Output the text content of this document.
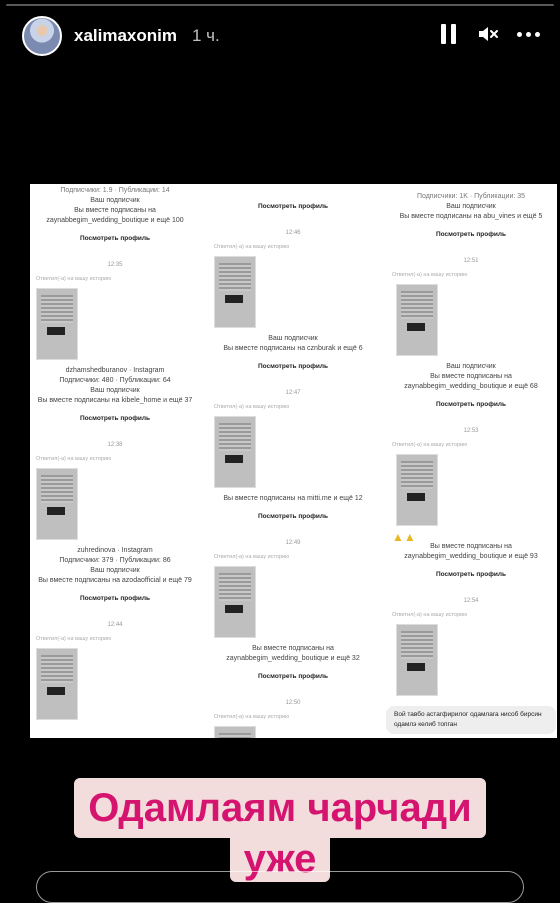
xalimaxonim 1 ч.
Подписчики: 1.9 · Публикации: 14
Ваш подписчик
Вы вместе подписаны на zaynabbegim_wedding_boutique и ещё 100
Посмотреть профиль
12:35
Ответил(-а) на вашу историю
dzhamshedburanov · Instagram
Подписчики: 480 · Публикации: 64
Ваш подписчик
Вы вместе подписаны на kibele_home и ещё 37
Посмотреть профиль
12:38
Ответил(-а) на вашу историю
zuhredinova · Instagram
Подписчики: 379 · Публикации: 86
Ваш подписчик
Вы вместе подписаны на azodaofficial и ещё 79
Посмотреть профиль
12:44
Ответил(-а) на вашу историю
Посмотреть профиль
12:46
Ответил(-а) на вашу историю
Ваш подписчик
Вы вместе подписаны на cznburak и ещё 6
Посмотреть профиль
12:47
Ответил(-а) на вашу историю
Вы вместе подписаны на mitti.me и ещё 12
Посмотреть профиль
12:49
Ответил(-а) на вашу историю
Вы вместе подписаны на zaynabbegim_wedding_boutique и ещё 32
Посмотреть профиль
12:50
Ответил(-а) на вашу историю
Подписчики: 1K · Публикации: 35
Ваш подписчик
Вы вместе подписаны на abu_vines и ещё 5
Посмотреть профиль
12:51
Ответил(-а) на вашу историю
Ваш подписчик
Вы вместе подписаны на zaynabbegim_wedding_boutique и ещё 68
Посмотреть профиль
12:53
Ответил(-а) на вашу историю
▲▲
Вы вместе подписаны на zaynabbegim_wedding_boutique и ещё 93
Посмотреть профиль
12:54
Ответил(-а) на вашу историю
Вой тавбо астагфирилог одамлага нисоб бирсин одамлэ келиб топган
Одамлаям чарчади
уже
